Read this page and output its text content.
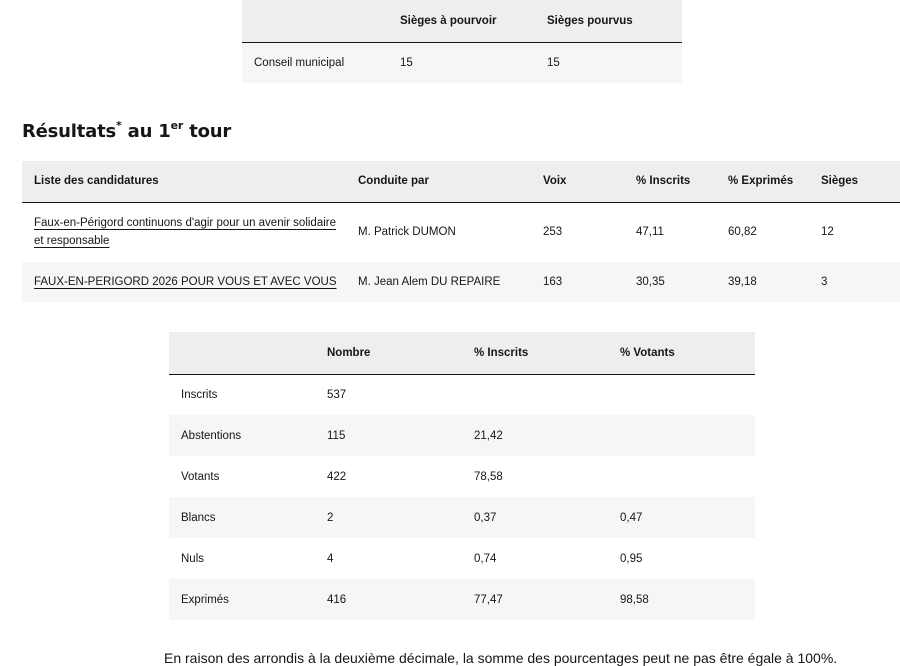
	Sièges à pourvoir	Sièges pourvus
Conseil municipal	15	15
Résultats* au 1er tour
Liste des candidatures	Conduite par	Voix	% Inscrits	% Exprimés	Sièges
Faux-en-Périgord continuons d'agir pour un avenir solidaire et responsable	M. Patrick DUMON	253	47,11	60,82	12
FAUX-EN-PERIGORD 2026 POUR VOUS ET AVEC VOUS	M. Jean Alem DU REPAIRE	163	30,35	39,18	3
	Nombre	% Inscrits	% Votants
Inscrits	537		
Abstentions	115	21,42	
Votants	422	78,58	
Blancs	2	0,37	0,47
Nuls	4	0,74	0,95
Exprimés	416	77,47	98,58

En raison des arrondis à la deuxième décimale, la somme des pourcentages peut ne pas être égale à 100%.
